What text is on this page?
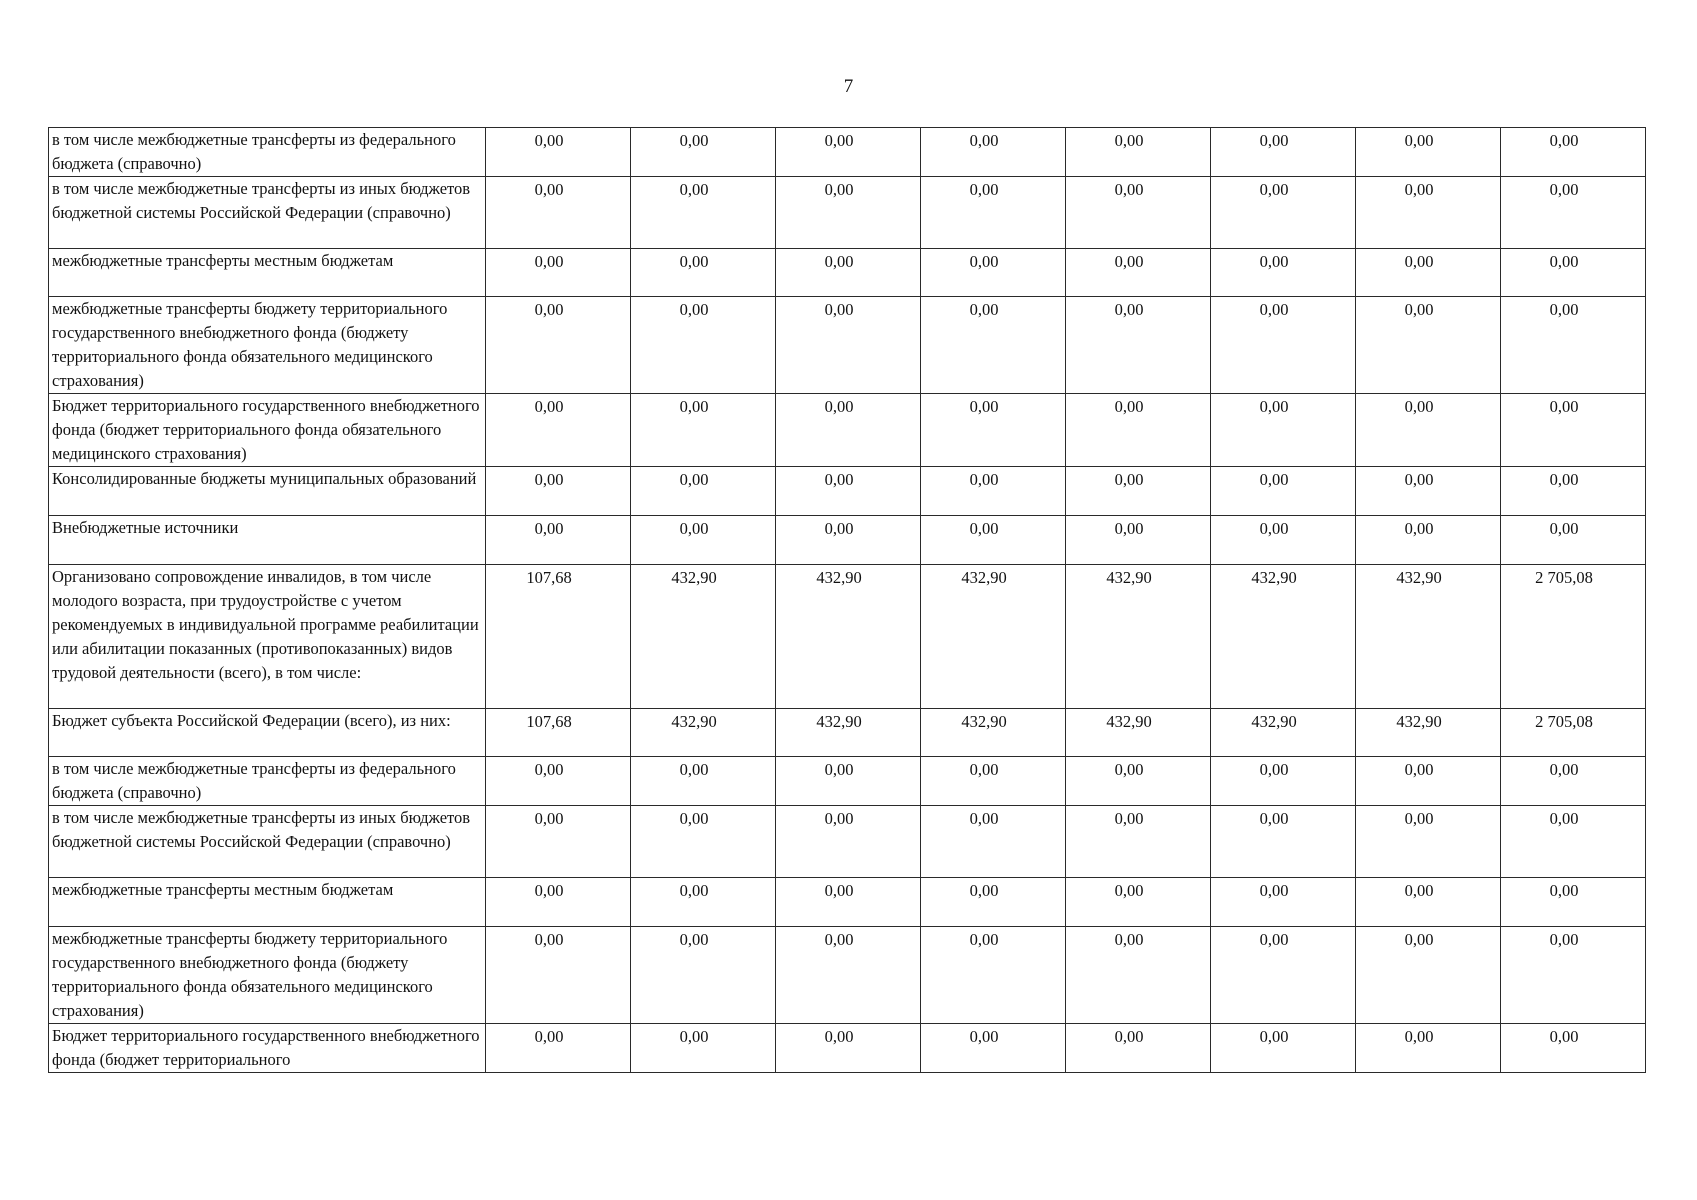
7
в том числе межбюджетные трансферты из федерального бюджета (справочно)	0,00	0,00	0,00	0,00	0,00	0,00	0,00	0,00
в том числе межбюджетные трансферты из иных бюджетов бюджетной системы Российской Федерации (справочно)	0,00	0,00	0,00	0,00	0,00	0,00	0,00	0,00
межбюджетные трансферты местным бюджетам	0,00	0,00	0,00	0,00	0,00	0,00	0,00	0,00
межбюджетные трансферты бюджету территориального государственного внебюджетного фонда (бюджету территориального фонда обязательного медицинского страхования)	0,00	0,00	0,00	0,00	0,00	0,00	0,00	0,00
Бюджет территориального государственного внебюджетного фонда (бюджет территориального фонда обязательного медицинского страхования)	0,00	0,00	0,00	0,00	0,00	0,00	0,00	0,00
Консолидированные бюджеты муниципальных образований	0,00	0,00	0,00	0,00	0,00	0,00	0,00	0,00
Внебюджетные источники	0,00	0,00	0,00	0,00	0,00	0,00	0,00	0,00
Организовано сопровождение инвалидов, в том числе молодого возраста, при трудоустройстве с учетом рекомендуемых в индивидуальной программе реабилитации или абилитации показанных (противопоказанных) видов трудовой деятельности (всего), в том числе:	107,68	432,90	432,90	432,90	432,90	432,90	432,90	2 705,08
Бюджет субъекта Российской Федерации (всего), из них:	107,68	432,90	432,90	432,90	432,90	432,90	432,90	2 705,08
в том числе межбюджетные трансферты из федерального бюджета (справочно)	0,00	0,00	0,00	0,00	0,00	0,00	0,00	0,00
в том числе межбюджетные трансферты из иных бюджетов бюджетной системы Российской Федерации (справочно)	0,00	0,00	0,00	0,00	0,00	0,00	0,00	0,00
межбюджетные трансферты местным бюджетам	0,00	0,00	0,00	0,00	0,00	0,00	0,00	0,00
межбюджетные трансферты бюджету территориального государственного внебюджетного фонда (бюджету территориального фонда обязательного медицинского страхования)	0,00	0,00	0,00	0,00	0,00	0,00	0,00	0,00
Бюджет территориального государственного внебюджетного фонда (бюджет территориального	0,00	0,00	0,00	0,00	0,00	0,00	0,00	0,00
